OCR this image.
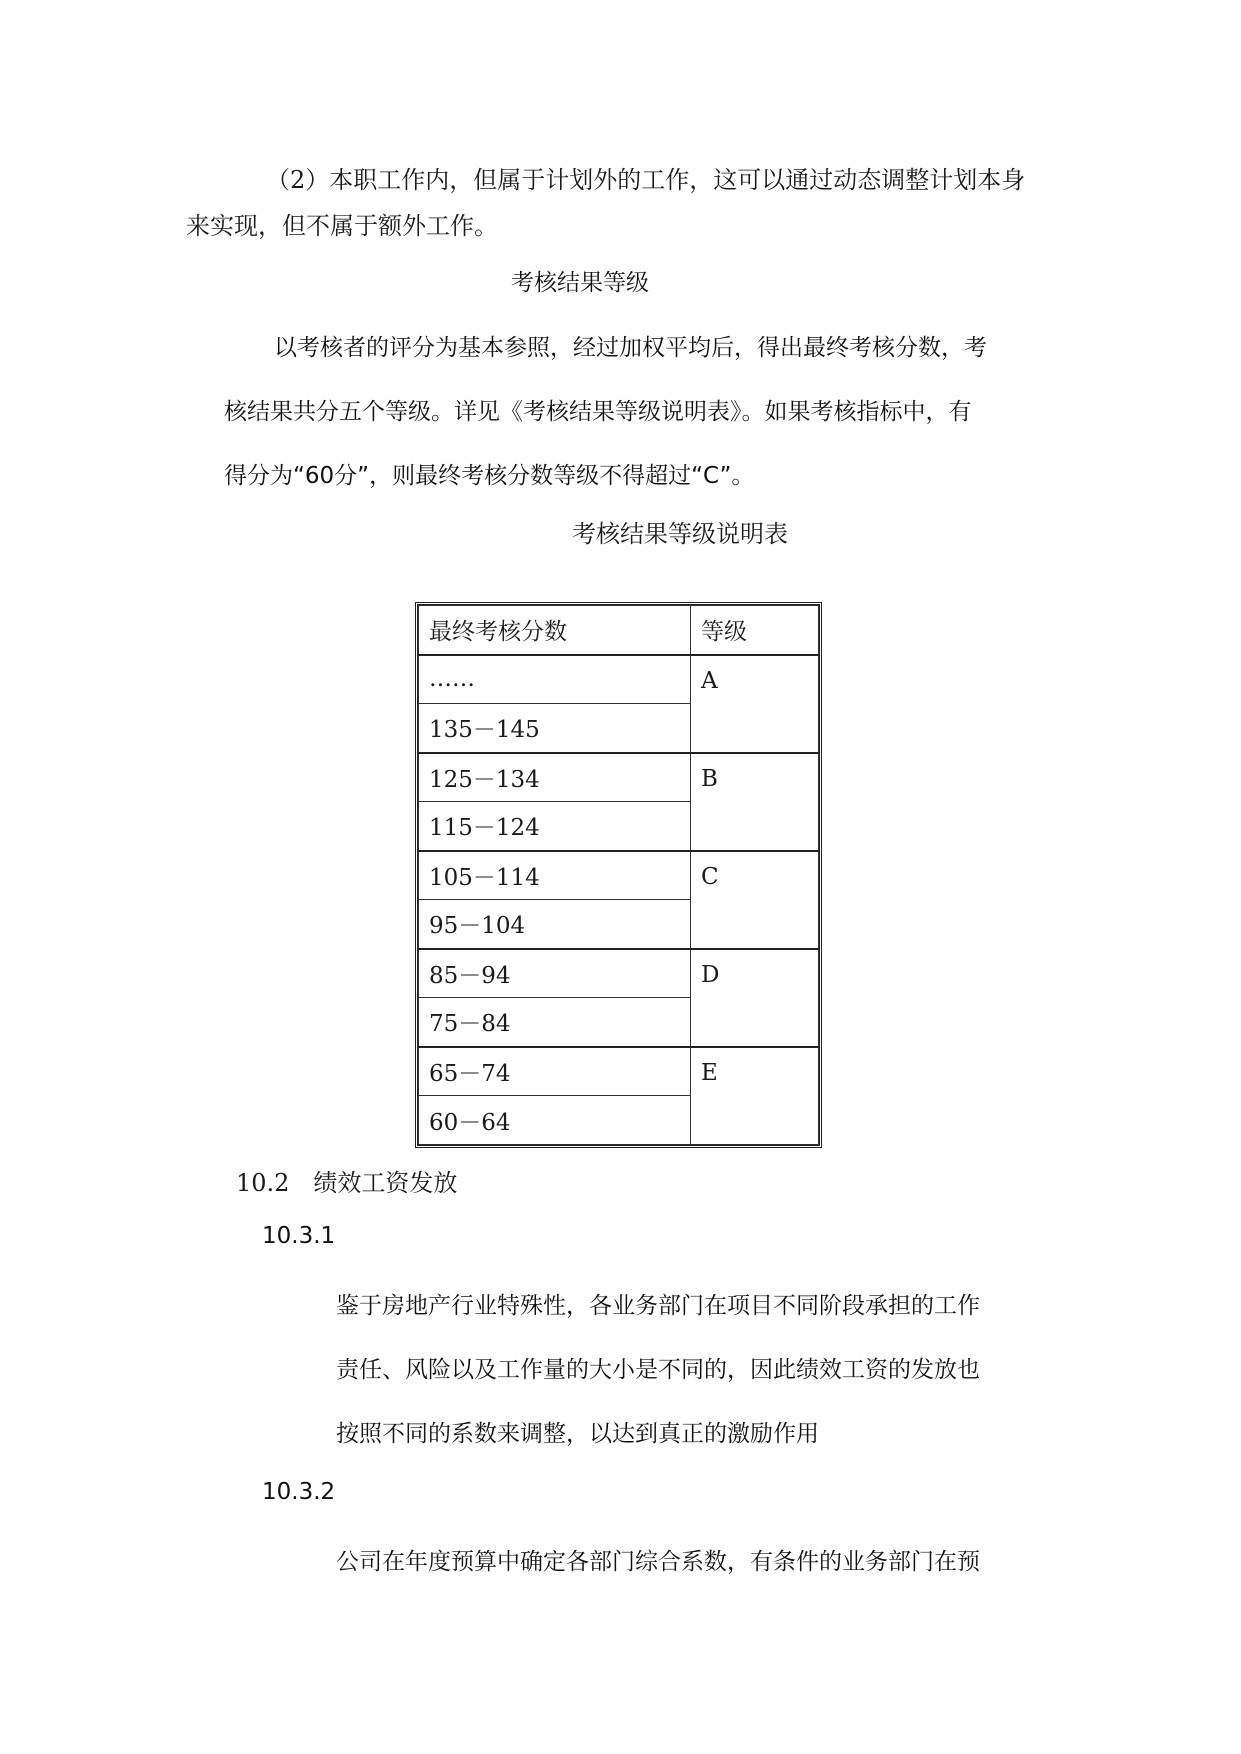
（2）本职工作内，但属于计划外的工作，这可以通过动态调整计划本身
来实现，但不属于额外工作。
考核结果等级
以考核者的评分为基本参照，经过加权平均后，得出最终考核分数，考
核结果共分五个等级。详见《考核结果等级说明表》。如果考核指标中，有
得分为“60分”，则最终考核分数等级不得超过“C”。
考核结果等级说明表
最终考核分数	等级
……	A
135－145	
125－134	B
115－124	
105－114	C
95－104	
85－94	D
75－84	
65－74	E
60－64	
10.2　绩效工资发放
10.3.1
鉴于房地产行业特殊性，各业务部门在项目不同阶段承担的工作
责任、风险以及工作量的大小是不同的，因此绩效工资的发放也
按照不同的系数来调整，以达到真正的激励作用
10.3.2
公司在年度预算中确定各部门综合系数，有条件的业务部门在预
